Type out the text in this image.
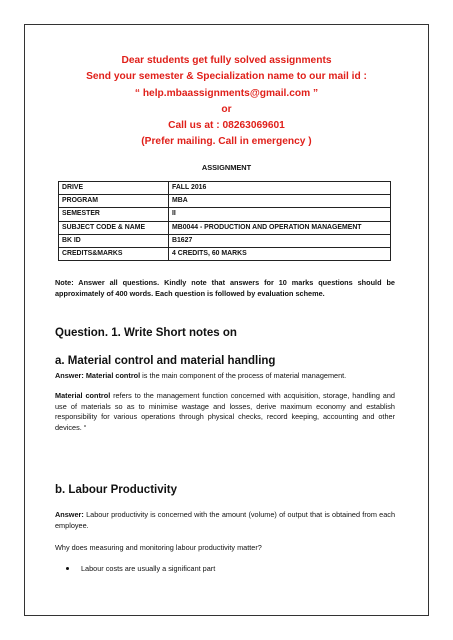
Dear students get fully solved assignments
Send your semester & Specialization name to our mail id :
“ help.mbaassignments@gmail.com ”
or
Call us at : 08263069601
(Prefer mailing. Call in emergency )
ASSIGNMENT
DRIVE	FALL 2016
PROGRAM	MBA
SEMESTER	II
SUBJECT CODE & NAME	MB0044 - PRODUCTION AND OPERATION MANAGEMENT
BK ID	B1627
CREDITS&MARKS	4 CREDITS, 60 MARKS
Note: Answer all questions. Kindly note that answers for 10 marks questions should be approximately of 400 words. Each question is followed by evaluation scheme.
Question. 1. Write Short notes on
a. Material control and material handling
Answer: Material control is the main component of the process of material management.
Material control refers to the management function concerned with acquisition, storage, handling and use of materials so as to minimise wastage and losses, derive maximum economy and establish responsibility for various operations through physical checks, record keeping, accounting and other devices. “
b. Labour Productivity
Answer: Labour productivity is concerned with the amount (volume) of output that is obtained from each employee.
Why does measuring and monitoring labour productivity matter?
Labour costs are usually a significant part
